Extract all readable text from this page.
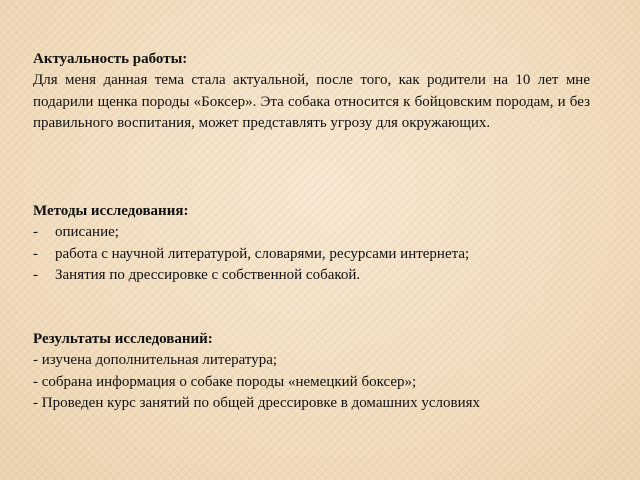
Актуальность работы:

Для меня данная тема стала актуальной, после того, как родители на 10 лет мне подарили щенка породы «Боксер». Эта собака относится к бойцовским породам, и без правильного воспитания, может представлять угрозу для окружающих.

Методы исследования:

- описание;
- работа с научной литературой, словарями, ресурсами интернета;
- Занятия по дрессировке с собственной собакой.

Результаты исследований:

- изучена дополнительная литература;

- собрана информация о собаке породы «немецкий боксер»;

- Проведен курс занятий по общей дрессировке в домашних условиях
